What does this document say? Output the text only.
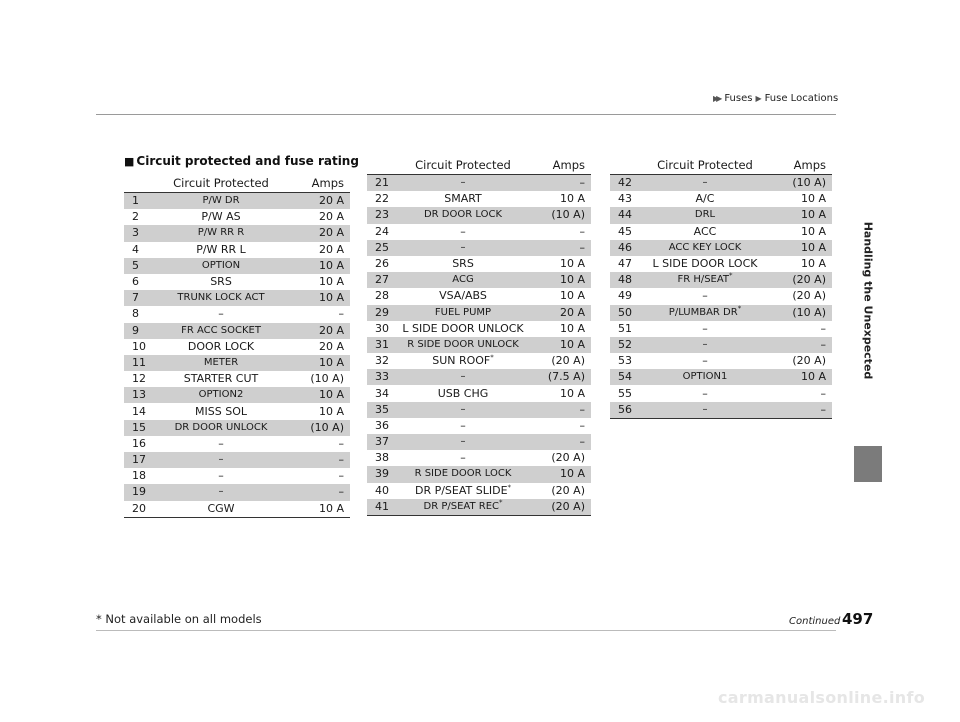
▶▶ Fuses ▶ Fuse Locations
Handling the Unexpected
■ Circuit protected and fuse rating
	Circuit Protected	Amps
1	P/W DR	20 A
2	P/W AS	20 A
3	P/W RR R	20 A
4	P/W RR L	20 A
5	OPTION	10 A
6	SRS	10 A
7	TRUNK LOCK ACT	10 A
8	–	–
9	FR ACC SOCKET	20 A
10	DOOR LOCK	20 A
11	METER	10 A
12	STARTER CUT	(10 A)
13	OPTION2	10 A
14	MISS SOL	10 A
15	DR DOOR UNLOCK	(10 A)
16	–	–
17	–	–
18	–	–
19	–	–
20	CGW	10 A
	Circuit Protected	Amps
21	–	–
22	SMART	10 A
23	DR DOOR LOCK	(10 A)
24	–	–
25	–	–
26	SRS	10 A
27	ACG	10 A
28	VSA/ABS	10 A
29	FUEL PUMP	20 A
30	L SIDE DOOR UNLOCK	10 A
31	R SIDE DOOR UNLOCK	10 A
32	SUN ROOF*	(20 A)
33	–	(7.5 A)
34	USB CHG	10 A
35	–	–
36	–	–
37	–	–
38	–	(20 A)
39	R SIDE DOOR LOCK	10 A
40	DR P/SEAT SLIDE*	(20 A)
41	DR P/SEAT REC*	(20 A)
	Circuit Protected	Amps
42	–	(10 A)
43	A/C	10 A
44	DRL	10 A
45	ACC	10 A
46	ACC KEY LOCK	10 A
47	L SIDE DOOR LOCK	10 A
48	FR H/SEAT*	(20 A)
49	–	(20 A)
50	P/LUMBAR DR*	(10 A)
51	–	–
52	–	–
53	–	(20 A)
54	OPTION1	10 A
55	–	–
56	–	–
* Not available on all models	Continued 497
carmanualsonline.info
